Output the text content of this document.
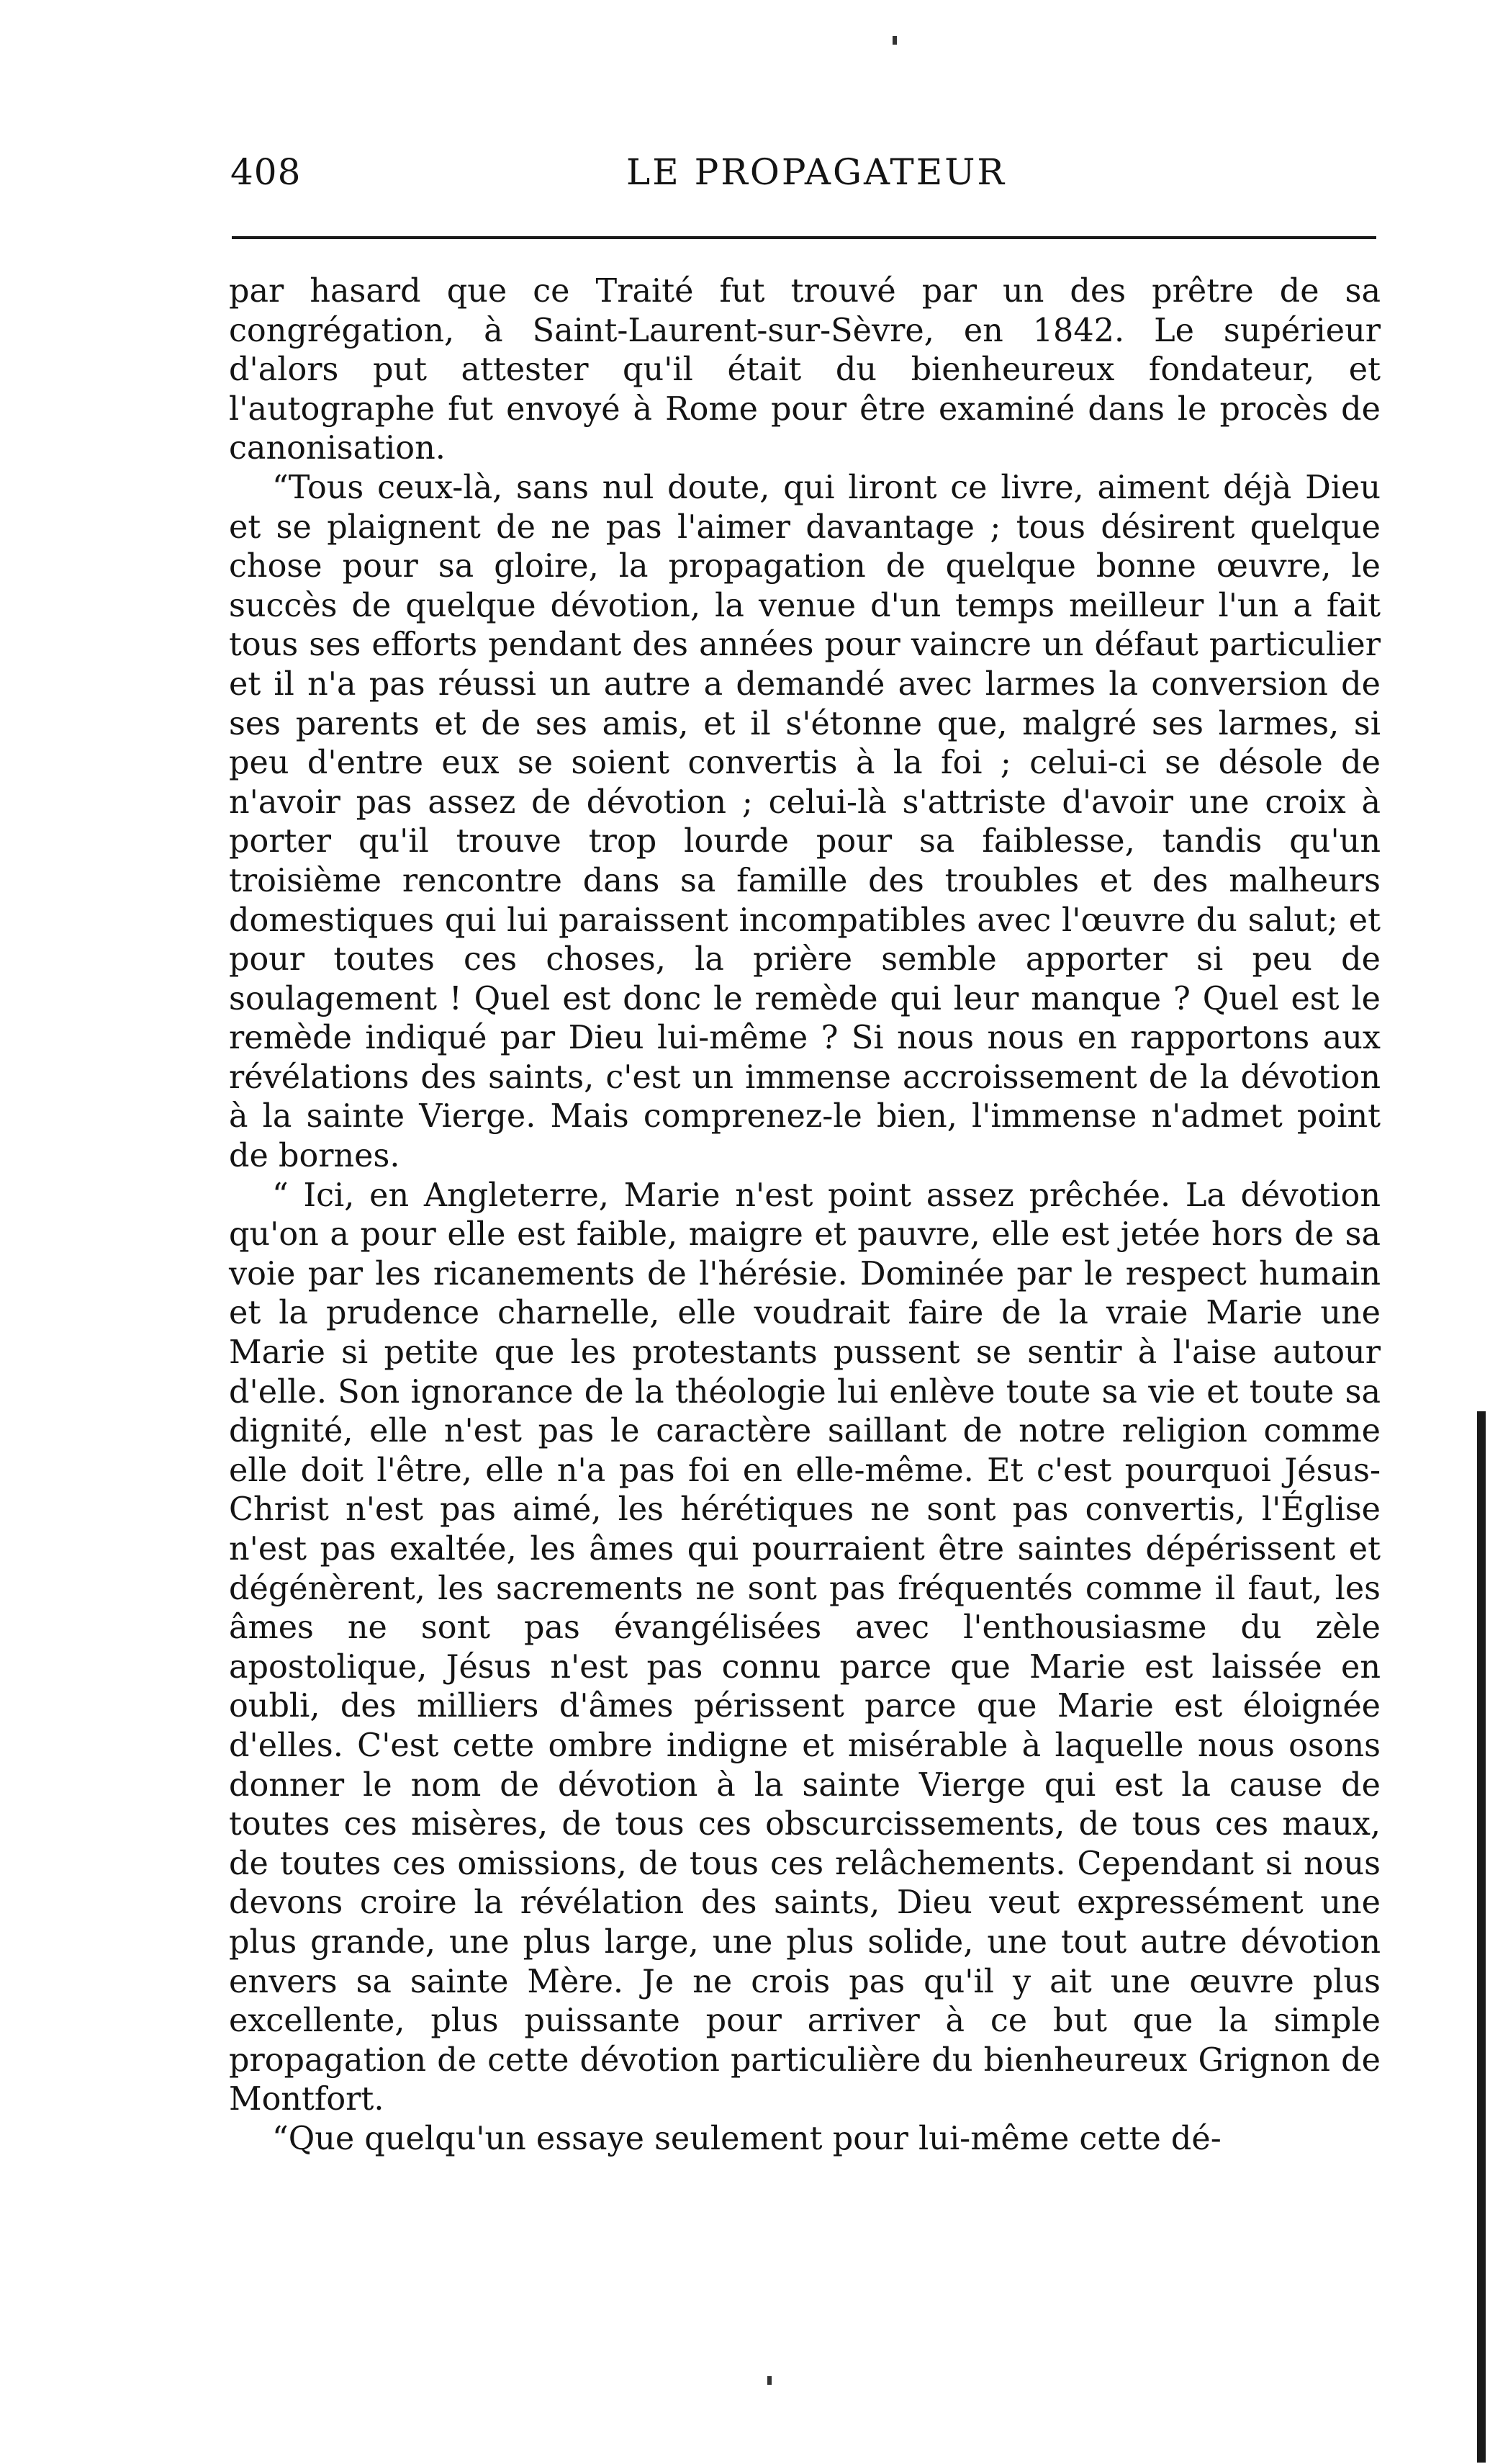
408	LE PROPAGATEUR

par hasard que ce Traité fut trouvé par un des prêtre de sa congrégation, à Saint-Laurent-sur-Sèvre, en 1842. Le supérieur d'alors put attester qu'il était du bienheureux fondateur, et l'autographe fut envoyé à Rome pour être examiné dans le procès de canonisation.

“Tous ceux-là, sans nul doute, qui liront ce livre, aiment déjà Dieu et se plaignent de ne pas l'aimer davantage ; tous désirent quelque chose pour sa gloire, la propagation de quelque bonne œuvre, le succès de quelque dévotion, la venue d'un temps meilleur l'un a fait tous ses efforts pendant des années pour vaincre un défaut particulier et il n'a pas réussi un autre a demandé avec larmes la conversion de ses parents et de ses amis, et il s'étonne que, malgré ses larmes, si peu d'entre eux se soient convertis à la foi ; celui-ci se désole de n'avoir pas assez de dévotion ; celui-là s'attriste d'avoir une croix à porter qu'il trouve trop lourde pour sa faiblesse, tandis qu'un troisième rencontre dans sa famille des troubles et des malheurs domestiques qui lui paraissent incompatibles avec l'œuvre du salut; et pour toutes ces choses, la prière semble apporter si peu de soulagement ! Quel est donc le remède qui leur manque ? Quel est le remède indiqué par Dieu lui-même ? Si nous nous en rapportons aux révélations des saints, c'est un immense accroissement de la dévotion à la sainte Vierge. Mais comprenez-le bien, l'immense n'admet point de bornes.

“ Ici, en Angleterre, Marie n'est point assez prêchée. La dévotion qu'on a pour elle est faible, maigre et pauvre, elle est jetée hors de sa voie par les ricanements de l'hérésie. Dominée par le respect humain et la prudence charnelle, elle voudrait faire de la vraie Marie une Marie si petite que les protestants pussent se sentir à l'aise autour d'elle. Son ignorance de la théologie lui enlève toute sa vie et toute sa dignité, elle n'est pas le caractère saillant de notre religion comme elle doit l'être, elle n'a pas foi en elle-même. Et c'est pourquoi Jésus-Christ n'est pas aimé, les hérétiques ne sont pas convertis, l'Église n'est pas exaltée, les âmes qui pourraient être saintes dépérissent et dégénèrent, les sacrements ne sont pas fréquentés comme il faut, les âmes ne sont pas évangélisées avec l'enthousiasme du zèle apostolique, Jésus n'est pas connu parce que Marie est laissée en oubli, des milliers d'âmes périssent parce que Marie est éloignée d'elles. C'est cette ombre indigne et misérable à laquelle nous osons donner le nom de dévotion à la sainte Vierge qui est la cause de toutes ces misères, de tous ces obscurcissements, de tous ces maux, de toutes ces omissions, de tous ces relâchements. Cependant si nous devons croire la révélation des saints, Dieu veut expressément une plus grande, une plus large, une plus solide, une tout autre dévotion envers sa sainte Mère. Je ne crois pas qu'il y ait une œuvre plus excellente, plus puissante pour arriver à ce but que la simple propagation de cette dévotion particulière du bienheureux Grignon de Montfort.

“Que quelqu'un essaye seulement pour lui-même cette dé-
